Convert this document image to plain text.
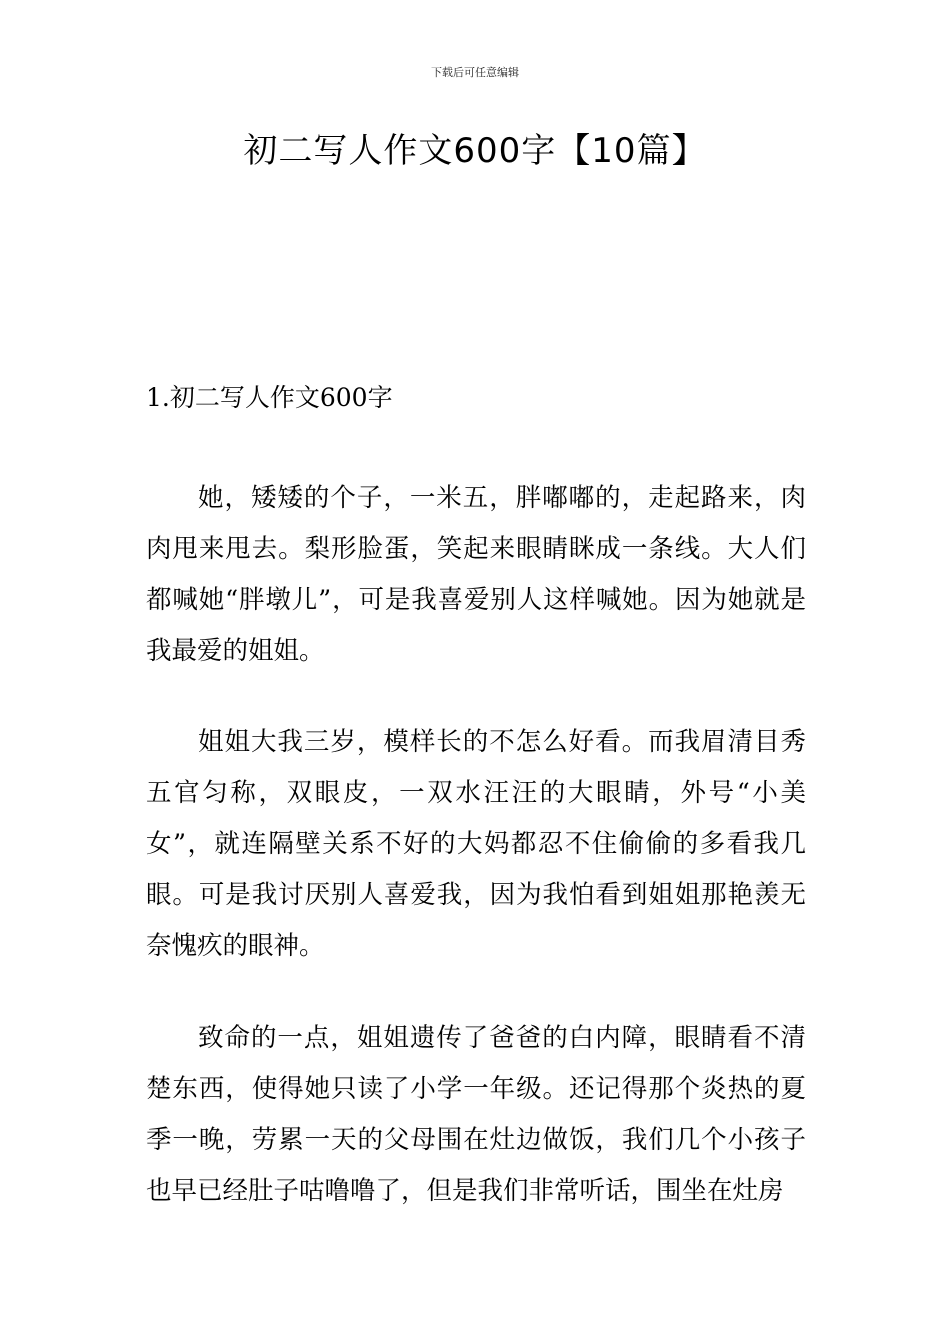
下载后可任意编辑
初二写人作文600字【10篇】
1.初二写人作文600字

她，矮矮的个子，一米五，胖嘟嘟的，走起路来，肉肉甩来甩去。梨形脸蛋，笑起来眼睛眯成一条线。大人们都喊她“胖墩儿”，可是我喜爱别人这样喊她。因为她就是我最爱的姐姐。

姐姐大我三岁，模样长的不怎么好看。而我眉清目秀五官匀称，双眼皮，一双水汪汪的大眼睛，外号“小美女”，就连隔壁关系不好的大妈都忍不住偷偷的多看我几眼。可是我讨厌别人喜爱我，因为我怕看到姐姐那艳羡无奈愧疚的眼神。

致命的一点，姐姐遗传了爸爸的白内障，眼睛看不清楚东西，使得她只读了小学一年级。还记得那个炎热的夏季一晚，劳累一天的父母围在灶边做饭，我们几个小孩子也早已经肚子咕噜噜了，但是我们非常听话，围坐在灶房
